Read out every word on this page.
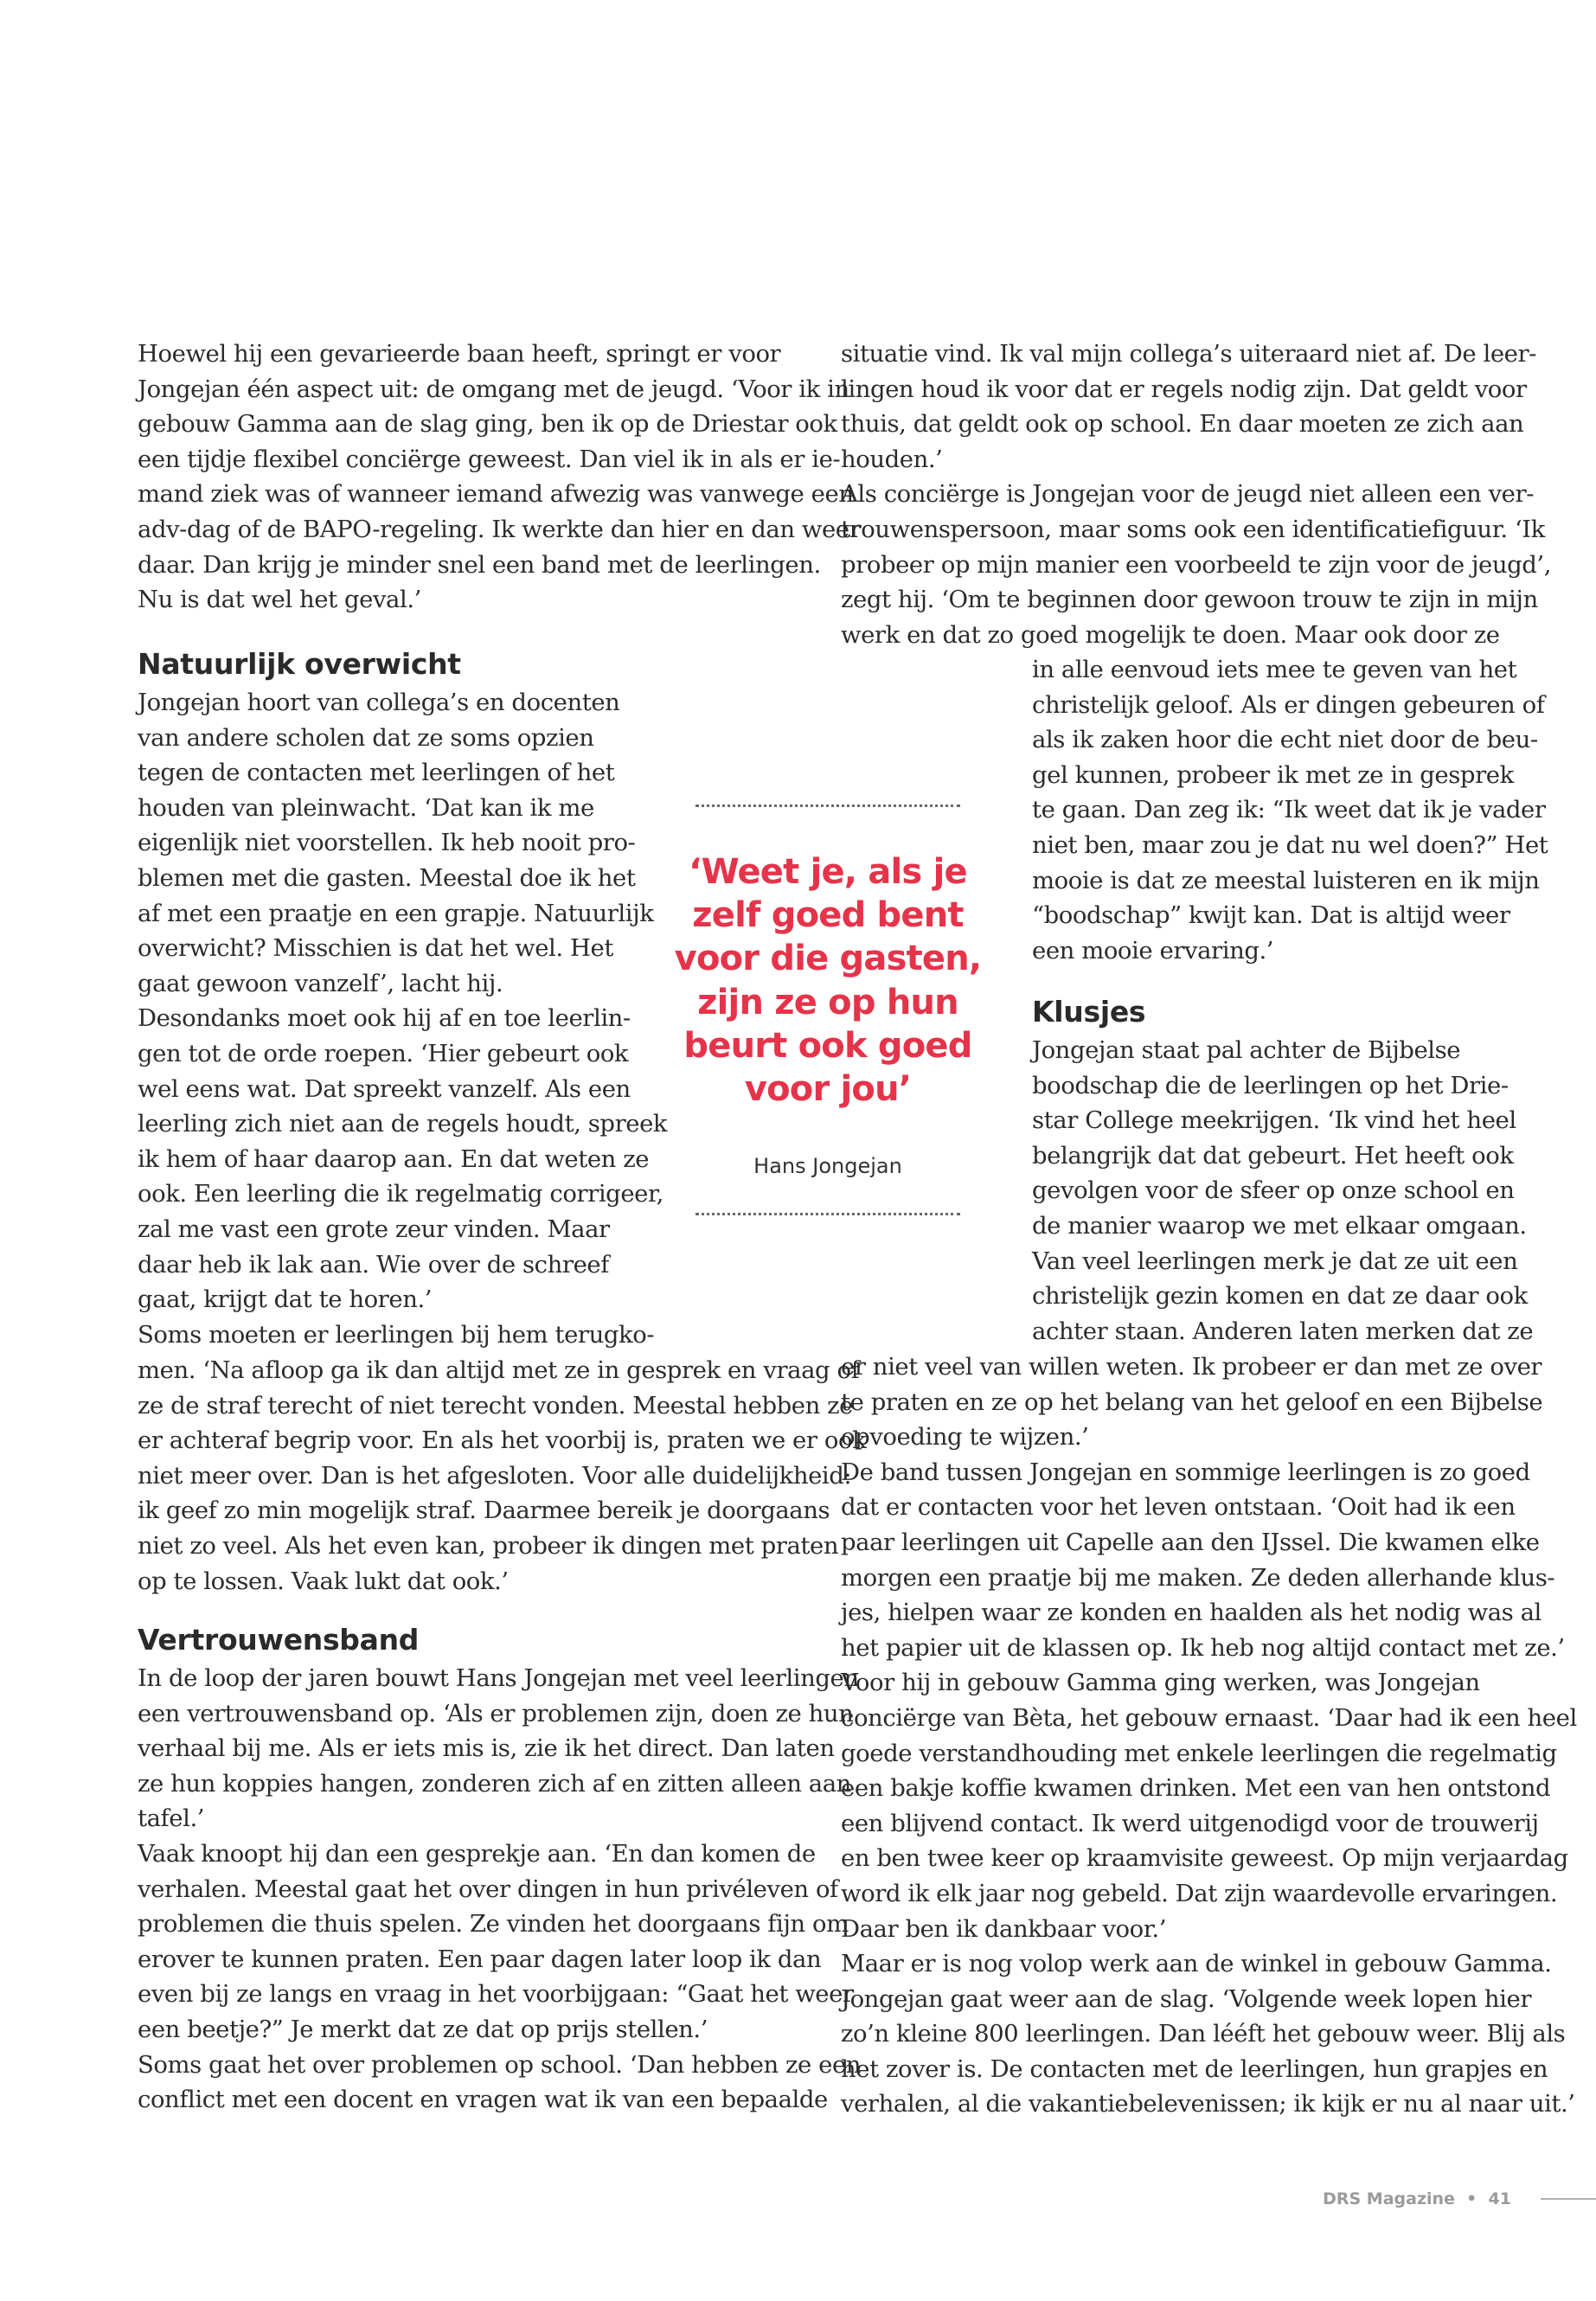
Hoewel hij een gevarieerde baan heeft, springt er voor
Jongejan één aspect uit: de omgang met de jeugd. ‘Voor ik in
gebouw Gamma aan de slag ging, ben ik op de Driestar ook
een tijdje flexibel conciërge geweest. Dan viel ik in als er ie-
mand ziek was of wanneer iemand afwezig was vanwege een
adv-dag of de BAPO-regeling. Ik werkte dan hier en dan weer
daar. Dan krijg je minder snel een band met de leerlingen.
Nu is dat wel het geval.’
Natuurlijk overwicht
Jongejan hoort van collega’s en docenten
van andere scholen dat ze soms opzien
tegen de contacten met leerlingen of het
houden van pleinwacht. ‘Dat kan ik me
eigenlijk niet voorstellen. Ik heb nooit pro-
blemen met die gasten. Meestal doe ik het
af met een praatje en een grapje. Natuurlijk
overwicht? Misschien is dat het wel. Het
gaat gewoon vanzelf’, lacht hij.
Desondanks moet ook hij af en toe leerlin-
gen tot de orde roepen. ‘Hier gebeurt ook
wel eens wat. Dat spreekt vanzelf. Als een
leerling zich niet aan de regels houdt, spreek
ik hem of haar daarop aan. En dat weten ze
ook. Een leerling die ik regelmatig corrigeer,
zal me vast een grote zeur vinden. Maar
daar heb ik lak aan. Wie over de schreef
gaat, krijgt dat te horen.’
Soms moeten er leerlingen bij hem terugko-
men. ‘Na afloop ga ik dan altijd met ze in gesprek en vraag of
ze de straf terecht of niet terecht vonden. Meestal hebben ze
er achteraf begrip voor. En als het voorbij is, praten we er ook
niet meer over. Dan is het afgesloten. Voor alle duidelijkheid:
ik geef zo min mogelijk straf. Daarmee bereik je doorgaans
niet zo veel. Als het even kan, probeer ik dingen met praten
op te lossen. Vaak lukt dat ook.’
Vertrouwensband
In de loop der jaren bouwt Hans Jongejan met veel leerlingen
een vertrouwensband op. ‘Als er problemen zijn, doen ze hun
verhaal bij me. Als er iets mis is, zie ik het direct. Dan laten
ze hun koppies hangen, zonderen zich af en zitten alleen aan
tafel.’
Vaak knoopt hij dan een gesprekje aan. ‘En dan komen de
verhalen. Meestal gaat het over dingen in hun privéleven of
problemen die thuis spelen. Ze vinden het doorgaans fijn om
erover te kunnen praten. Een paar dagen later loop ik dan
even bij ze langs en vraag in het voorbijgaan: “Gaat het weer
een beetje?” Je merkt dat ze dat op prijs stellen.’
Soms gaat het over problemen op school. ‘Dan hebben ze een
conflict met een docent en vragen wat ik van een bepaalde
situatie vind. Ik val mijn collega’s uiteraard niet af. De leer-
lingen houd ik voor dat er regels nodig zijn. Dat geldt voor
thuis, dat geldt ook op school. En daar moeten ze zich aan
houden.’
Als conciërge is Jongejan voor de jeugd niet alleen een ver-
trouwenspersoon, maar soms ook een identificatiefiguur. ‘Ik
probeer op mijn manier een voorbeeld te zijn voor de jeugd’,
zegt hij. ‘Om te beginnen door gewoon trouw te zijn in mijn
werk en dat zo goed mogelijk te doen. Maar ook door ze
in alle eenvoud iets mee te geven van het
christelijk geloof. Als er dingen gebeuren of
als ik zaken hoor die echt niet door de beu-
gel kunnen, probeer ik met ze in gesprek
te gaan. Dan zeg ik: “Ik weet dat ik je vader
niet ben, maar zou je dat nu wel doen?” Het
mooie is dat ze meestal luisteren en ik mijn
“boodschap” kwijt kan. Dat is altijd weer
een mooie ervaring.’
Klusjes
Jongejan staat pal achter de Bijbelse
boodschap die de leerlingen op het Drie-
star College meekrijgen. ‘Ik vind het heel
belangrijk dat dat gebeurt. Het heeft ook
gevolgen voor de sfeer op onze school en
de manier waarop we met elkaar omgaan.
Van veel leerlingen merk je dat ze uit een
christelijk gezin komen en dat ze daar ook
achter staan. Anderen laten merken dat ze
er niet veel van willen weten. Ik probeer er dan met ze over
te praten en ze op het belang van het geloof en een Bijbelse
opvoeding te wijzen.’
De band tussen Jongejan en sommige leerlingen is zo goed
dat er contacten voor het leven ontstaan. ‘Ooit had ik een
paar leerlingen uit Capelle aan den IJssel. Die kwamen elke
morgen een praatje bij me maken. Ze deden allerhande klus-
jes, hielpen waar ze konden en haalden als het nodig was al
het papier uit de klassen op. Ik heb nog altijd contact met ze.’
Voor hij in gebouw Gamma ging werken, was Jongejan
conciërge van Bèta, het gebouw ernaast. ‘Daar had ik een heel
goede verstandhouding met enkele leerlingen die regelmatig
een bakje koffie kwamen drinken. Met een van hen ontstond
een blijvend contact. Ik werd uitgenodigd voor de trouwerij
en ben twee keer op kraamvisite geweest. Op mijn verjaardag
word ik elk jaar nog gebeld. Dat zijn waardevolle ervaringen.
Daar ben ik dankbaar voor.’
Maar er is nog volop werk aan de winkel in gebouw Gamma.
Jongejan gaat weer aan de slag. ‘Volgende week lopen hier
zo’n kleine 800 leerlingen. Dan lééft het gebouw weer. Blij als
het zover is. De contacten met de leerlingen, hun grapjes en
verhalen, al die vakantiebelevenissen; ik kijk er nu al naar uit.’
‘Weet je, als je
zelf goed bent
voor die gasten,
zijn ze op hun
beurt ook goed
voor jou’
Hans Jongejan
DRS Magazine  •  41
